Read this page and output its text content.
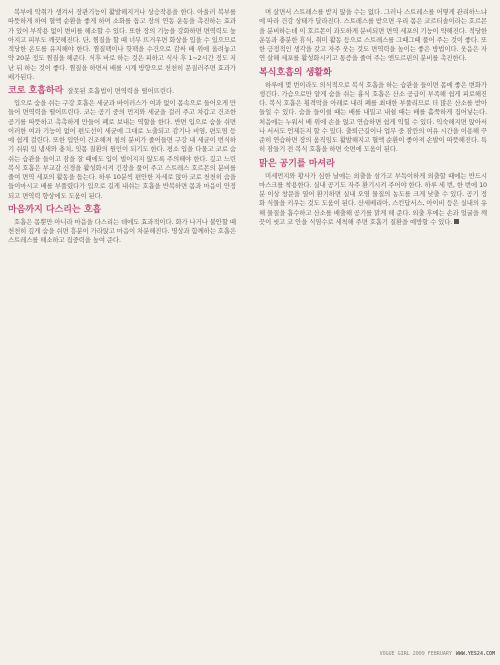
복부에 악취가 생겨서 장관기능이 활발해지거나 상승작용을 한다. 아울러 복부를 따뜻하게 하여 혈액 순환을 좋게 하며 소화를 돕고 장의 연동 운동을 촉진하는 효과가 있어 부작용 없이 변비를 해소할 수 있다. 또한 장의 기능을 강화하면 면역력도 높아지고 피부도 깨끗해진다. 단, 찜질을 할 때 너무 뜨거우면 화상을 입을 수 있으므로 적당한 온도를 유지해야 한다. 찜질팩이나 핫팩을 수건으로 감싸 배 위에 올려놓고 약 20분 정도 찜질을 해준다. 식후 바로 하는 것은 피하고 식사 후 1~2시간 정도 지난 뒤 하는 것이 좋다. 찜질을 하면서 배를 시계 방향으로 천천히 문질러주면 효과가 배가된다.

코로 호흡하라 잘못된 호흡법이 면역력을 떨어뜨린다.

입으로 숨을 쉬는 구강 호흡은 세균과 바이러스가 여과 없이 몸속으로 들어오게 만들어 면역력을 떨어뜨린다. 코는 공기 중의 먼지와 세균을 걸러 주고 차갑고 건조한 공기를 따뜻하고 촉촉하게 만들어 폐로 보내는 역할을 한다. 반면 입으로 숨을 쉬면 이러한 여과 기능이 없어 편도선이 세균에 그대로 노출되고 감기나 비염, 편도염 등에 쉽게 걸린다. 또한 입안이 건조해져 침의 분비가 줄어들면 구강 내 세균이 번식하기 쉬워 입 냄새와 충치, 잇몸 질환의 원인이 되기도 한다. 평소 입을 다물고 코로 숨 쉬는 습관을 들이고 잠을 잘 때에도 입이 벌어지지 않도록 주의해야 한다. 깊고 느린 복식 호흡은 부교감 신경을 활성화시켜 긴장을 풀어 주고 스트레스 호르몬의 분비를 줄여 면역 세포의 활동을 돕는다. 하루 10분씩 편안한 자세로 앉아 코로 천천히 숨을 들이마시고 배를 부풀렸다가 입으로 길게 내쉬는 호흡을 반복하면 몸과 마음이 안정되고 면역력 향상에도 도움이 된다.

마음까지 다스리는 호흡

호흡은 몸뿐만 아니라 마음을 다스리는 데에도 효과적이다. 화가 나거나 불안할 때 천천히 깊게 숨을 쉬면 흥분이 가라앉고 마음이 차분해진다. 명상과 함께하는 호흡은 스트레스를 해소하고 집중력을 높여 준다.

며 살면서 스트레스를 받지 않을 수는 없다. 그러나 스트레스를 어떻게 관리하느냐에 따라 건강 상태가 달라진다. 스트레스를 받으면 우리 몸은 코르티솔이라는 호르몬을 분비하는데 이 호르몬이 과도하게 분비되면 면역 세포의 기능이 약해진다. 적당한 운동과 충분한 휴식, 취미 활동 등으로 스트레스를 그때그때 풀어 주는 것이 좋다. 또한 긍정적인 생각을 갖고 자주 웃는 것도 면역력을 높이는 좋은 방법이다. 웃음은 자연 살해 세포를 활성화시키고 통증을 줄여 주는 엔도르핀의 분비를 촉진한다.

복식호흡의 생활화

하루에 몇 번이라도 의식적으로 복식 호흡을 하는 습관을 들이면 몸에 좋은 변화가 생긴다. 가슴으로만 얕게 숨을 쉬는 흉식 호흡은 산소 공급이 부족해 쉽게 피로해진다. 복식 호흡은 횡격막을 아래로 내려 폐를 최대한 부풀리므로 더 많은 산소를 받아들일 수 있다. 숨을 들이쉴 때는 배를 내밀고 내쉴 때는 배를 홀쭉하게 집어넣는다. 처음에는 누워서 배 위에 손을 얹고 연습하면 쉽게 익힐 수 있다. 익숙해지면 앉아서나 서서도 언제든지 할 수 있다. 출퇴근길이나 업무 중 잠깐의 여유 시간을 이용해 꾸준히 연습하면 장의 움직임도 활발해지고 혈액 순환이 좋아져 손발이 따뜻해진다. 특히 잠들기 전 복식 호흡을 하면 숙면에 도움이 된다.

맑은 공기를 마셔라

미세먼지와 황사가 심한 날에는 외출을 삼가고 부득이하게 외출할 때에는 반드시 마스크를 착용한다. 실내 공기도 자주 환기시켜 주어야 한다. 하루 세 번, 한 번에 10분 이상 창문을 열어 환기하면 실내 오염 물질의 농도를 크게 낮출 수 있다. 공기 정화 식물을 키우는 것도 도움이 된다. 산세베리아, 스킨답서스, 아이비 등은 실내의 유해 물질을 흡수하고 산소를 배출해 공기를 맑게 해 준다. 외출 후에는 손과 얼굴을 깨끗이 씻고 코 안을 식염수로 세척해 주면 호흡기 질환을 예방할 수 있다.

VOGUE GIRL 2009 FEBRUARY WWW.YES24.COM
